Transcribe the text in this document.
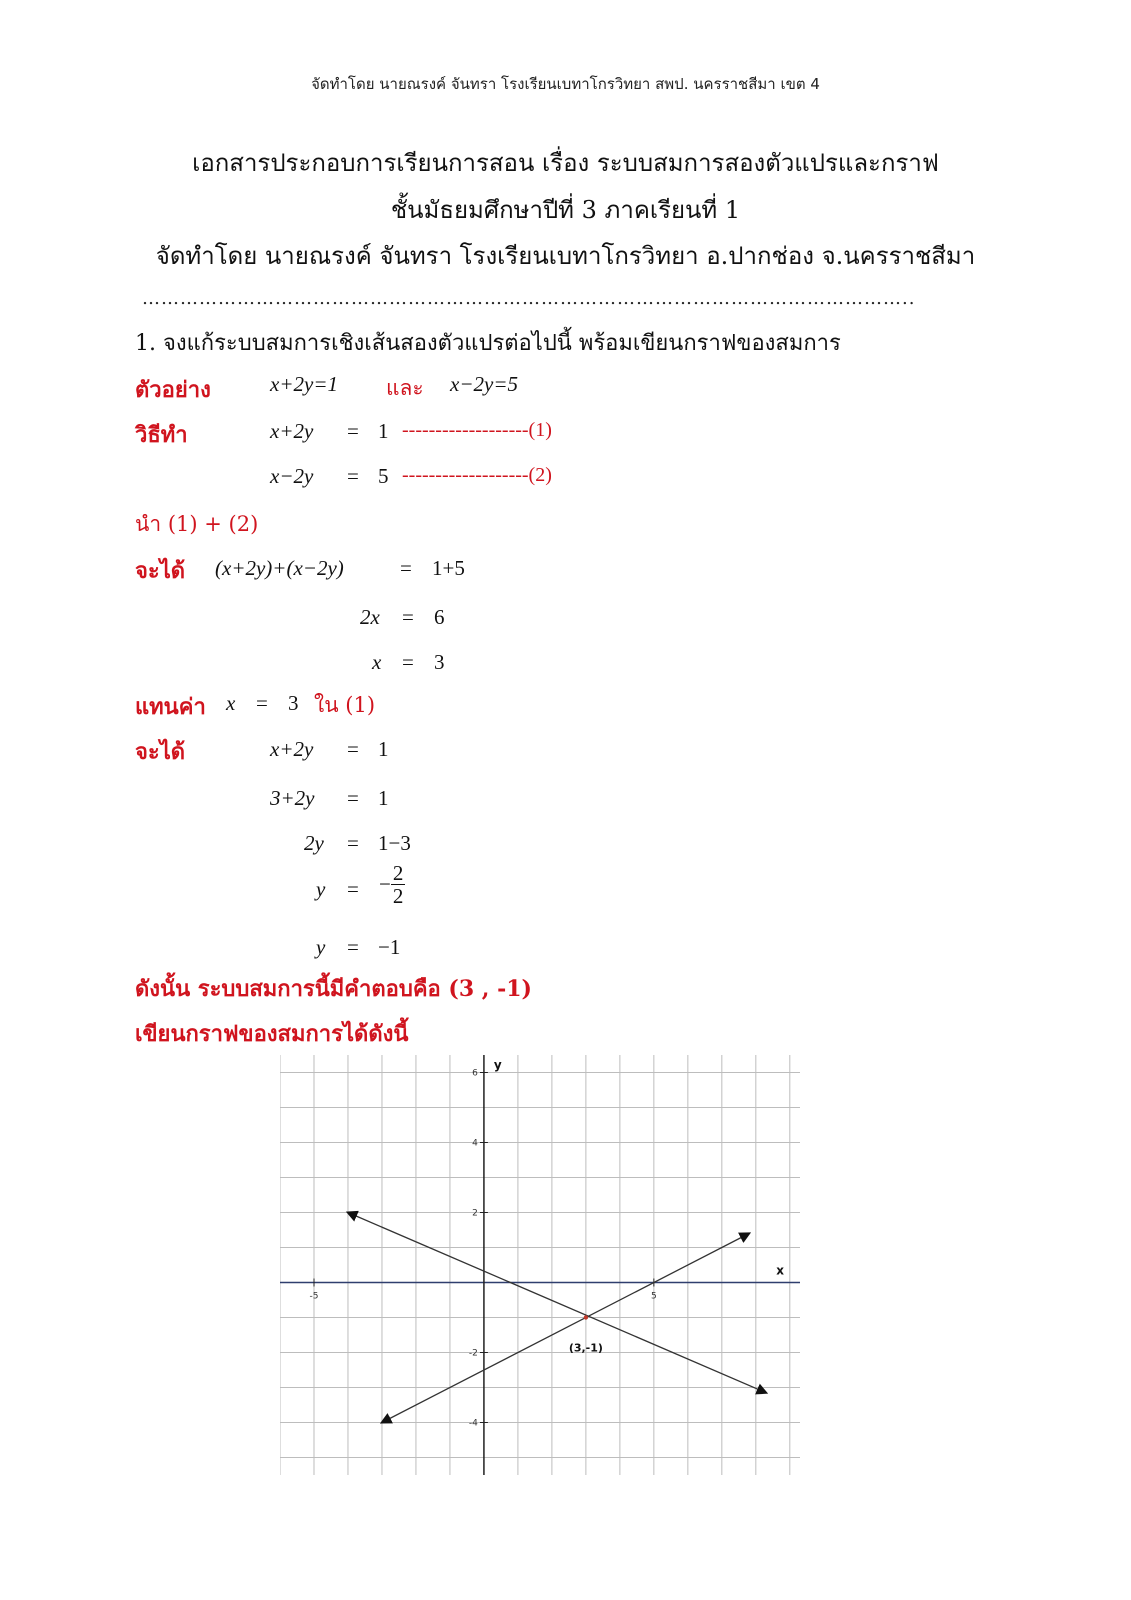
จัดทำโดย นายณรงค์ จันทรา โรงเรียนเบทาโกรวิทยา สพป. นครราชสีมา เขต 4
เอกสารประกอบการเรียนการสอน เรื่อง ระบบสมการสองตัวแปรและกราฟ
ชั้นมัธยมศึกษาปีที่ 3 ภาคเรียนที่ 1
จัดทำโดย นายณรงค์ จันทรา โรงเรียนเบทาโกรวิทยา อ.ปากช่อง จ.นครราชสีมา
…………………………………………………………………………………………………………..
1. จงแก้ระบบสมการเชิงเส้นสองตัวแปรต่อไปนี้ พร้อมเขียนกราฟของสมการ
ตัวอย่าง	x+2y=1 และ x−2y=5
วิธีทำ	x+2y = 1 -------------------(1)
x−2y = 5 -------------------(2)
นำ (1) + (2)
จะได้ (x+2y)+(x−2y)	= 1+5
2x = 6
x = 3
แทนค่า x = 3 ใน (1)
จะได้	x+2y = 1
3+2y = 1
2y = 1−3
y = − $\frac{2}{2}$
y = −1
ดังนั้น ระบบสมการนี้มีคำตอบคือ (3 , -1)
เขียนกราฟของสมการได้ดังนี้
-5	5
6
4
2
-2
-4
x
y
(3,-1)
